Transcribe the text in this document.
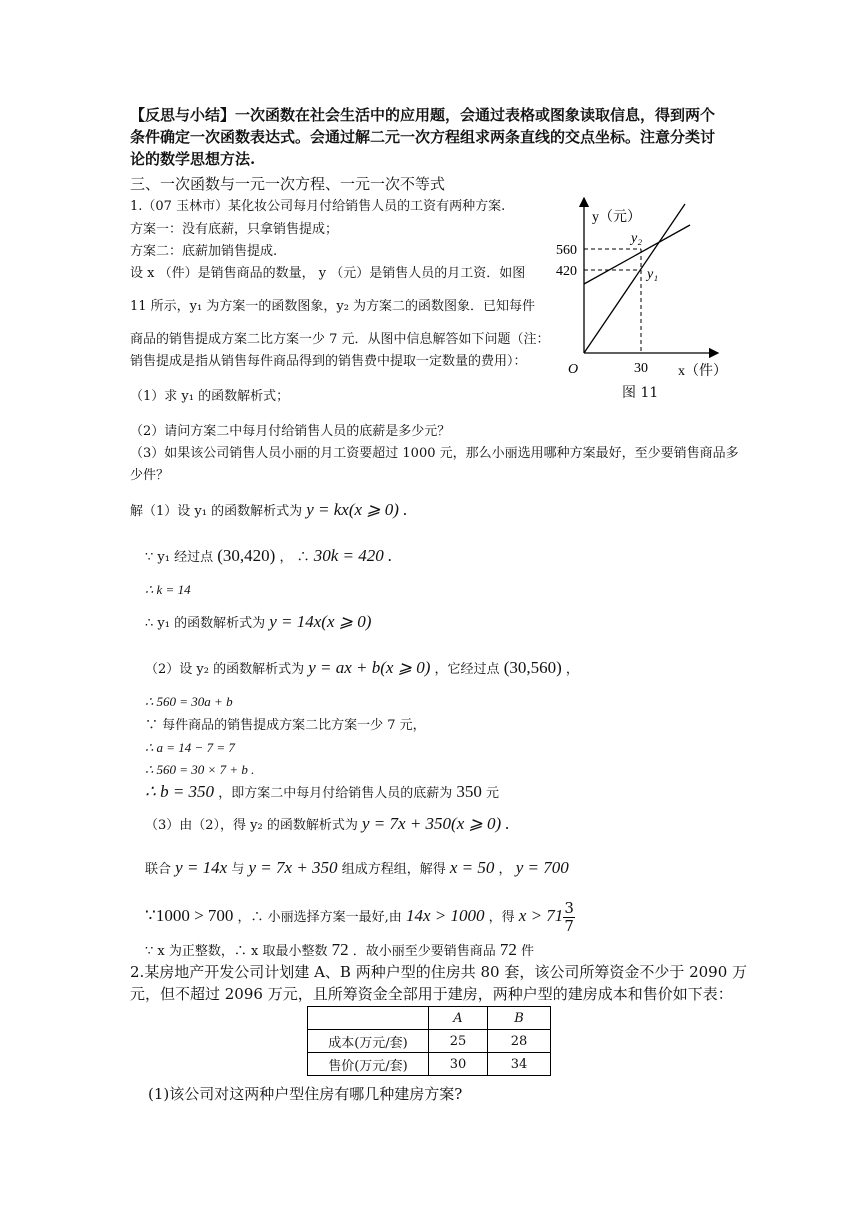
【反思与小结】一次函数在社会生活中的应用题，会通过表格或图象读取信息，得到两个
条件确定一次函数表达式。会通过解二元一次方程组求两条直线的交点坐标。注意分类讨
论的数学思想方法.
三、一次函数与一元一次方程、一元一次不等式
1.（07 玉林市）某化妆公司每月付给销售人员的工资有两种方案.
方案一：没有底薪，只拿销售提成；
方案二：底薪加销售提成.
设 x （件）是销售商品的数量， y （元）是销售人员的月工资．如图
11 所示，y₁ 为方案一的函数图象，y₂ 为方案二的函数图象．已知每件
商品的销售提成方案二比方案一少 7 元．从图中信息解答如下问题（注：
销售提成是指从销售每件商品得到的销售费中提取一定数量的费用）：
（1）求 y₁ 的函数解析式；
（2）请问方案二中每月付给销售人员的底薪是多少元？
（3）如果该公司销售人员小丽的月工资要超过 1000 元，那么小丽选用哪种方案最好，至少要销售商品多
少件？
y（元）
x（件）
O	30
560
420	y₁
y₂
图 11
解（1）设 y₁ 的函数解析式为 y = kx(x ⩾ 0) .
∵ y₁ 经过点 (30,420) ， ∴ 30k = 420 .
∴ k = 14
∴ y₁ 的函数解析式为 y = 14x(x ⩾ 0)
（2）设 y₂ 的函数解析式为 y = ax + b(x ⩾ 0) ，它经过点 (30,560) ，
∴ 560 = 30a + b
∵ 每件商品的销售提成方案二比方案一少 7 元，
∴ a = 14 − 7 = 7
∴ 560 = 30 × 7 + b .
∴ b = 350 ，即方案二中每月付给销售人员的底薪为 350 元
（3）由（2），得 y₂ 的函数解析式为 y = 7x + 350(x ⩾ 0) .
联合 y = 14x 与 y = 7x + 350 组成方程组，解得 x = 50 ， y = 700
∵1000 > 700 ，∴ 小丽选择方案一最好,由 14x > 1000 ，得 $x > 71 \frac{3}{7}$
∵ x 为正整数，∴ x 取最小整数 72 ．故小丽至少要销售商品 72 件
2.某房地产开发公司计划建 A、B 两种户型的住房共 80 套，该公司所筹资金不少于 2090 万
元，但不超过 2096 万元，且所筹资金全部用于建房，两种户型的建房成本和售价如下表：
	A	B
成本(万元/套)	25	28
售价(万元/套)	30	34
(1)该公司对这两种户型住房有哪几种建房方案?
